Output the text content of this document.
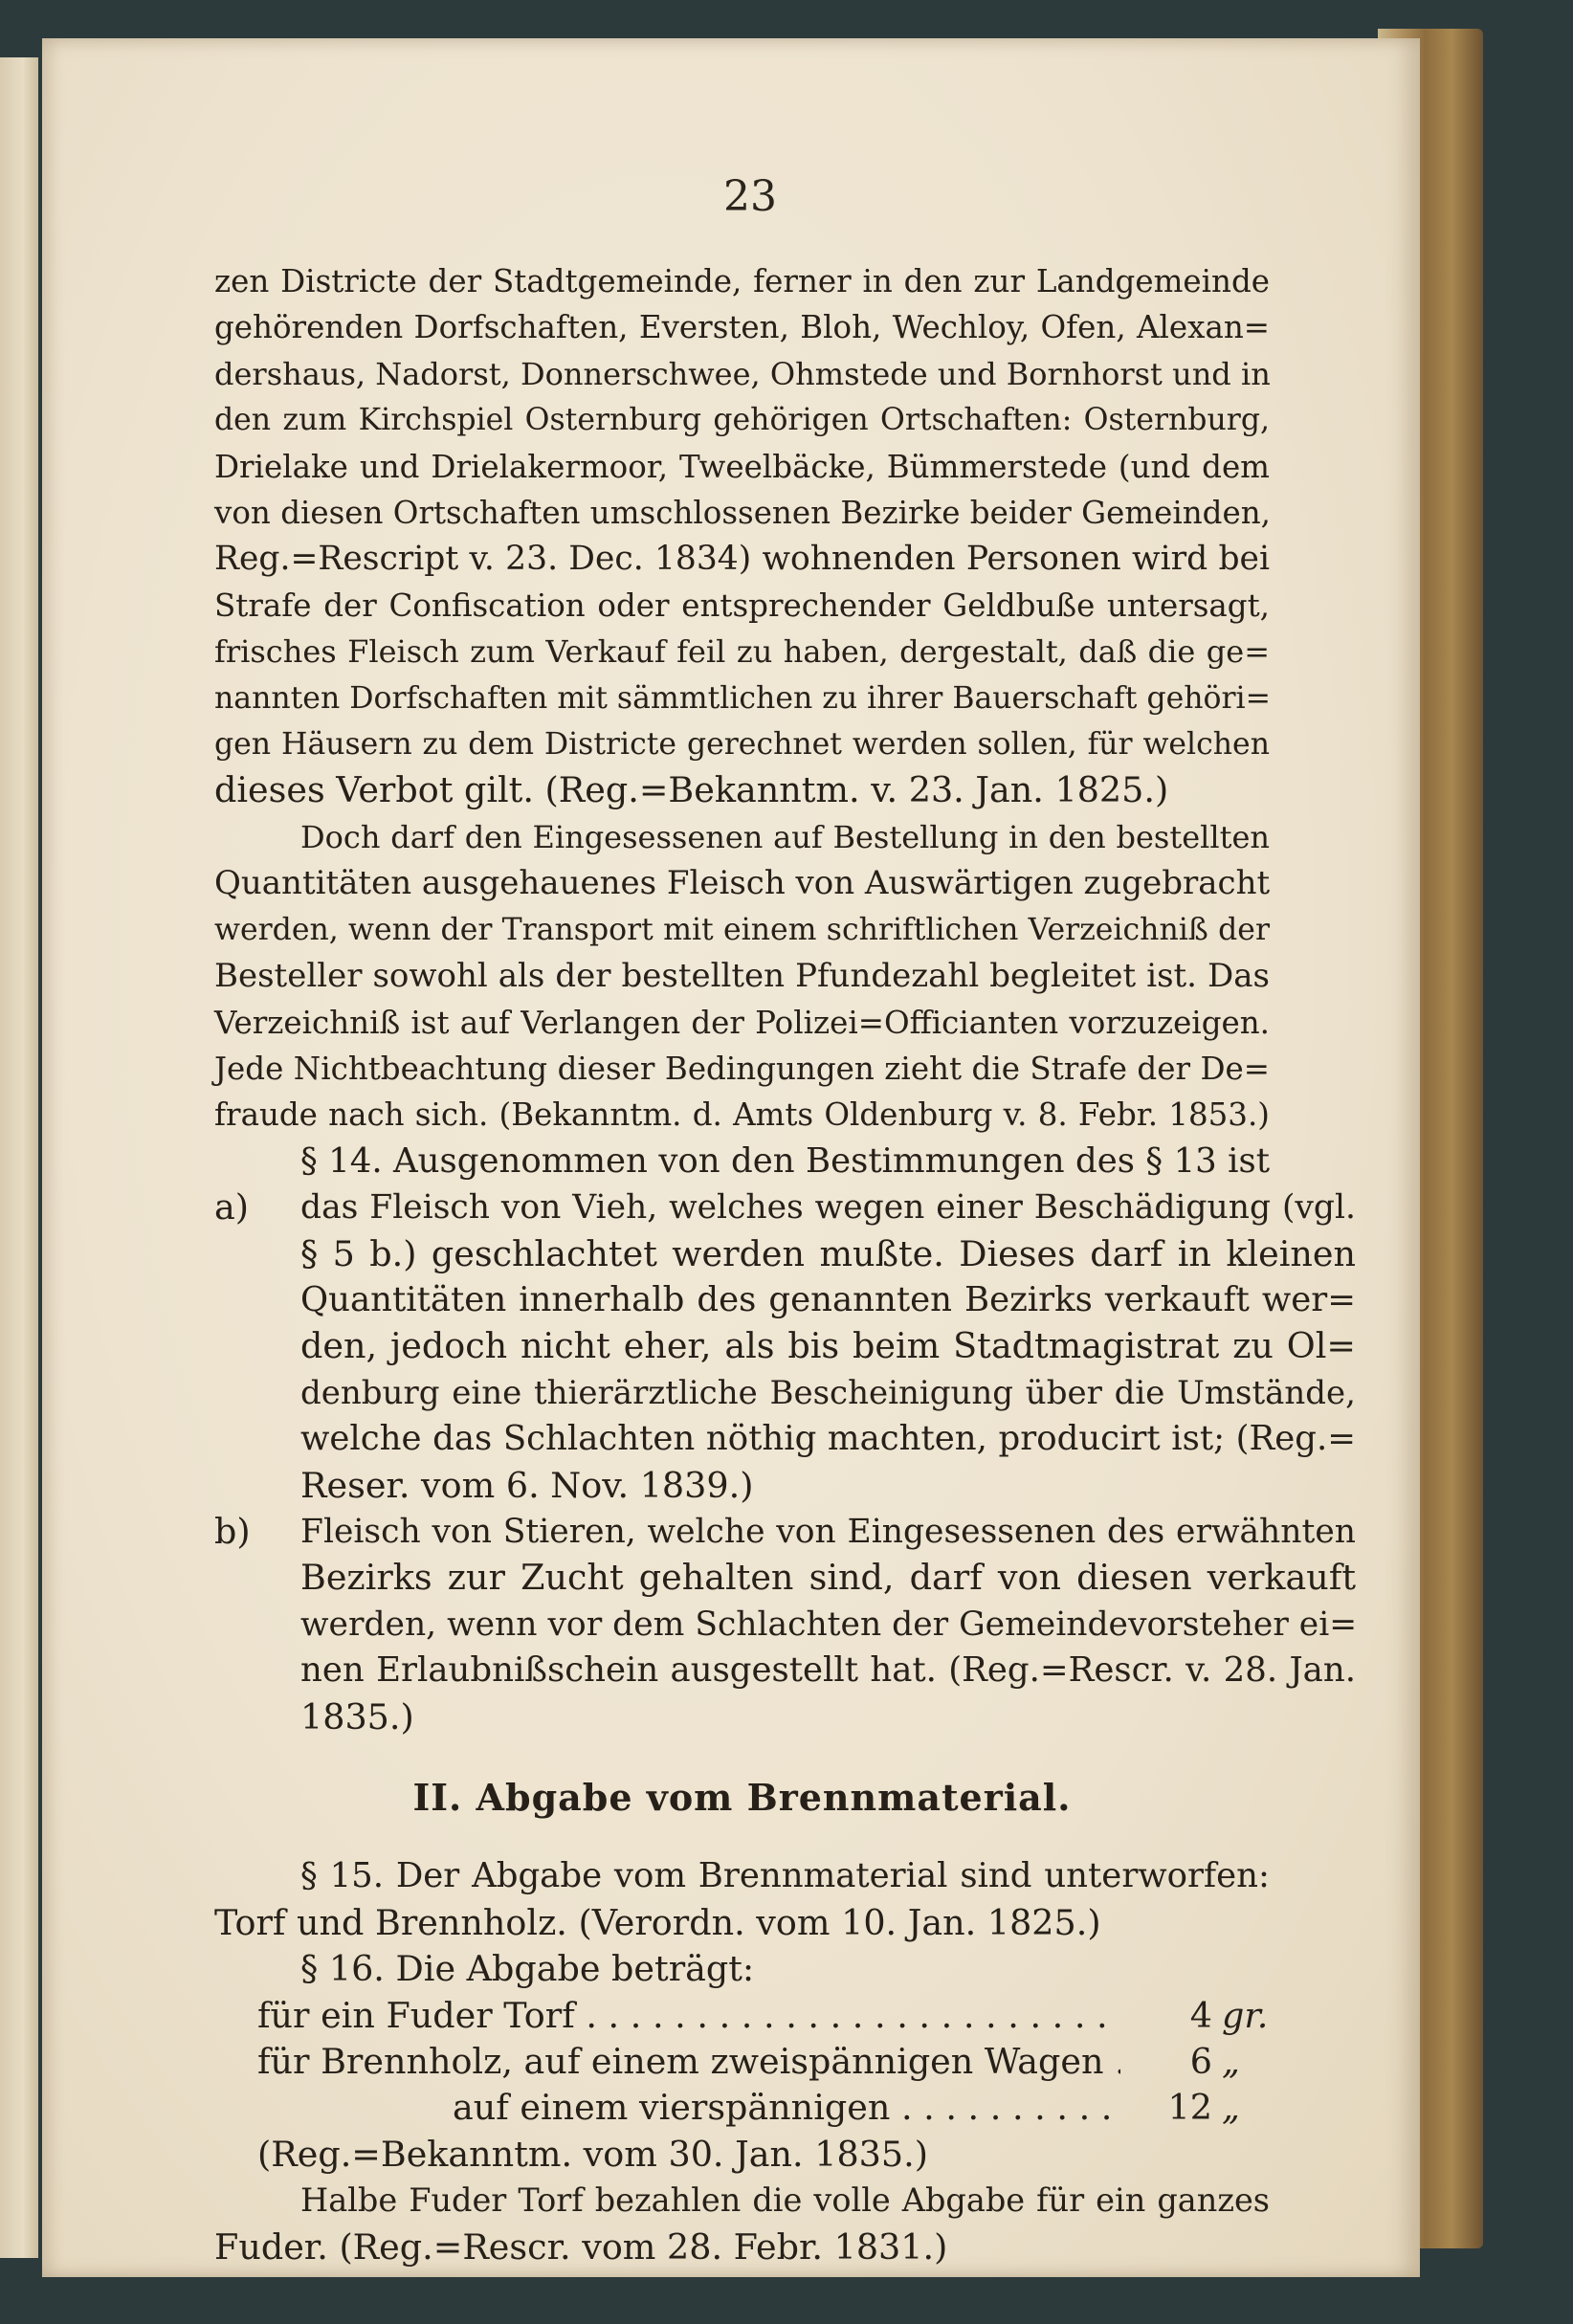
23
zen Districte der Stadtgemeinde, ferner in den zur Landgemeinde
gehörenden Dorfschaften, Eversten, Bloh, Wechloy, Ofen, Alexan=
dershaus, Nadorst, Donnerschwee, Ohmstede und Bornhorst und in
den zum Kirchspiel Osternburg gehörigen Ortschaften: Osternburg,
Drielake und Drielakermoor, Tweelbäcke, Bümmerstede (und dem
von diesen Ortschaften umschlossenen Bezirke beider Gemeinden,
Reg.=Rescript v. 23. Dec. 1834) wohnenden Personen wird bei
Strafe der Confiscation oder entsprechender Geldbuße untersagt,
frisches Fleisch zum Verkauf feil zu haben, dergestalt, daß die ge=
nannten Dorfschaften mit sämmtlichen zu ihrer Bauerschaft gehöri=
gen Häusern zu dem Districte gerechnet werden sollen, für welchen
dieses Verbot gilt. (Reg.=Bekanntm. v. 23. Jan. 1825.)
Doch darf den Eingesessenen auf Bestellung in den bestellten
Quantitäten ausgehauenes Fleisch von Auswärtigen zugebracht
werden, wenn der Transport mit einem schriftlichen Verzeichniß der
Besteller sowohl als der bestellten Pfundezahl begleitet ist. Das
Verzeichniß ist auf Verlangen der Polizei=Officianten vorzuzeigen.
Jede Nichtbeachtung dieser Bedingungen zieht die Strafe der De=
fraude nach sich. (Bekanntm. d. Amts Oldenburg v. 8. Febr. 1853.)
§ 14. Ausgenommen von den Bestimmungen des § 13 ist
a) das Fleisch von Vieh, welches wegen einer Beschädigung (vgl.
§ 5 b.) geschlachtet werden mußte. Dieses darf in kleinen
Quantitäten innerhalb des genannten Bezirks verkauft wer=
den, jedoch nicht eher, als bis beim Stadtmagistrat zu Ol=
denburg eine thierärztliche Bescheinigung über die Umstände,
welche das Schlachten nöthig machten, producirt ist; (Reg.=
Reser. vom 6. Nov. 1839.)
b) Fleisch von Stieren, welche von Eingesessenen des erwähnten
Bezirks zur Zucht gehalten sind, darf von diesen verkauft
werden, wenn vor dem Schlachten der Gemeindevorsteher ei=
nen Erlaubnißschein ausgestellt hat. (Reg.=Rescr. v. 28. Jan.
1835.)
II. Abgabe vom Brennmaterial.
§ 15. Der Abgabe vom Brennmaterial sind unterworfen:
Torf und Brennholz. (Verordn. vom 10. Jan. 1825.)
§ 16. Die Abgabe beträgt:
für ein Fuder Torf . . .	4 gr.
für Brennholz, auf einem zweispännigen Wagen . . .	6 „
auf einem vierspännigen . . .	12 „
(Reg.=Bekanntm. vom 30. Jan. 1835.)
Halbe Fuder Torf bezahlen die volle Abgabe für ein ganzes
Fuder. (Reg.=Rescr. vom 28. Febr. 1831.)
